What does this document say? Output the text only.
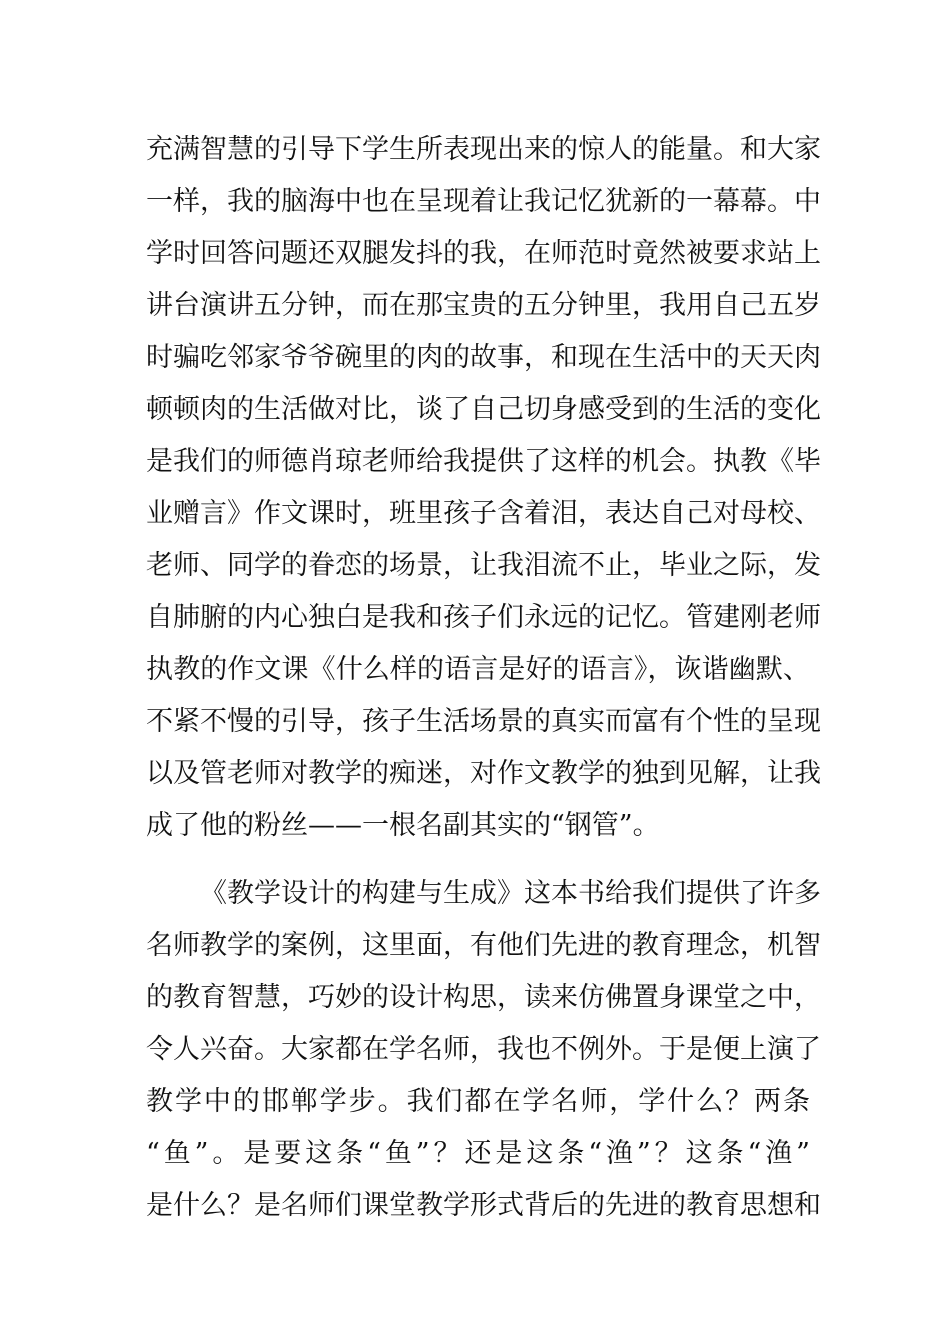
充满智慧的引导下学生所表现出来的惊人的能量。和大家
一样，我的脑海中也在呈现着让我记忆犹新的一幕幕。中
学时回答问题还双腿发抖的我，在师范时竟然被要求站上
讲台演讲五分钟，而在那宝贵的五分钟里，我用自己五岁
时骗吃邻家爷爷碗里的肉的故事，和现在生活中的天天肉
顿顿肉的生活做对比，谈了自己切身感受到的生活的变化
是我们的师德肖琼老师给我提供了这样的机会。执教《毕
业赠言》作文课时，班里孩子含着泪，表达自己对母校、
老师、同学的眷恋的场景，让我泪流不止，毕业之际，发
自肺腑的内心独白是我和孩子们永远的记忆。管建刚老师
执教的作文课《什么样的语言是好的语言》，诙谐幽默、
不紧不慢的引导，孩子生活场景的真实而富有个性的呈现
以及管老师对教学的痴迷，对作文教学的独到见解，让我
成了他的粉丝——一根名副其实的“钢管”。
《教学设计的构建与生成》这本书给我们提供了许多
名师教学的案例，这里面，有他们先进的教育理念，机智
的教育智慧，巧妙的设计构思，读来仿佛置身课堂之中，
令人兴奋。大家都在学名师，我也不例外。于是便上演了
教学中的邯郸学步。我们都在学名师，学什么？两条
“鱼”。是要这条“鱼”？还是这条“渔”？这条“渔”
是什么？是名师们课堂教学形式背后的先进的教育思想和
